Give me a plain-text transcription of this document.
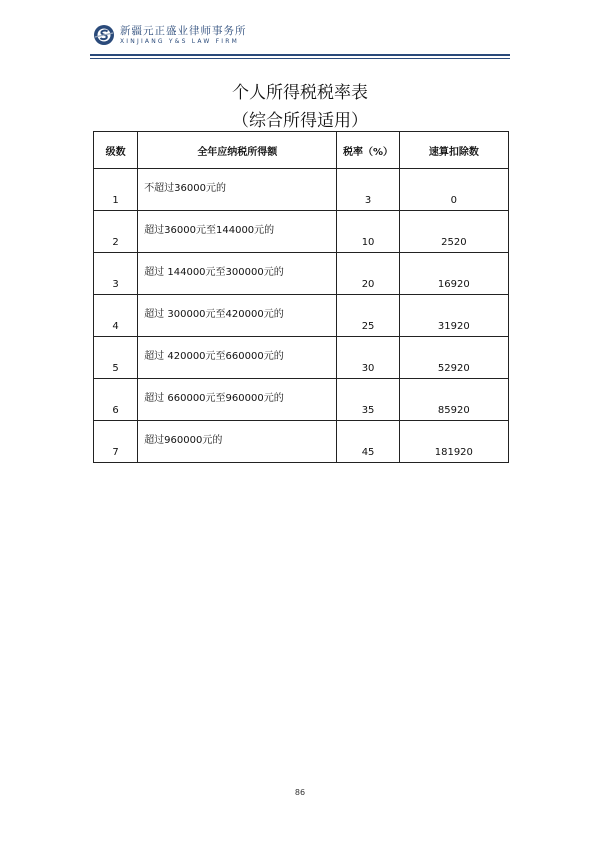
新疆元正盛业律师事务所
XINJIANG Y&S LAW FIRM
个人所得税税率表
（综合所得适用）
级数	全年应纳税所得额	税率（%）	速算扣除数
1	不超过36000元的	3	0
2	超过36000元至144000元的	10	2520
3	超过 144000元至300000元的	20	16920
4	超过 300000元至420000元的	25	31920
5	超过 420000元至660000元的	30	52920
6	超过 660000元至960000元的	35	85920
7	超过960000元的	45	181920
86
